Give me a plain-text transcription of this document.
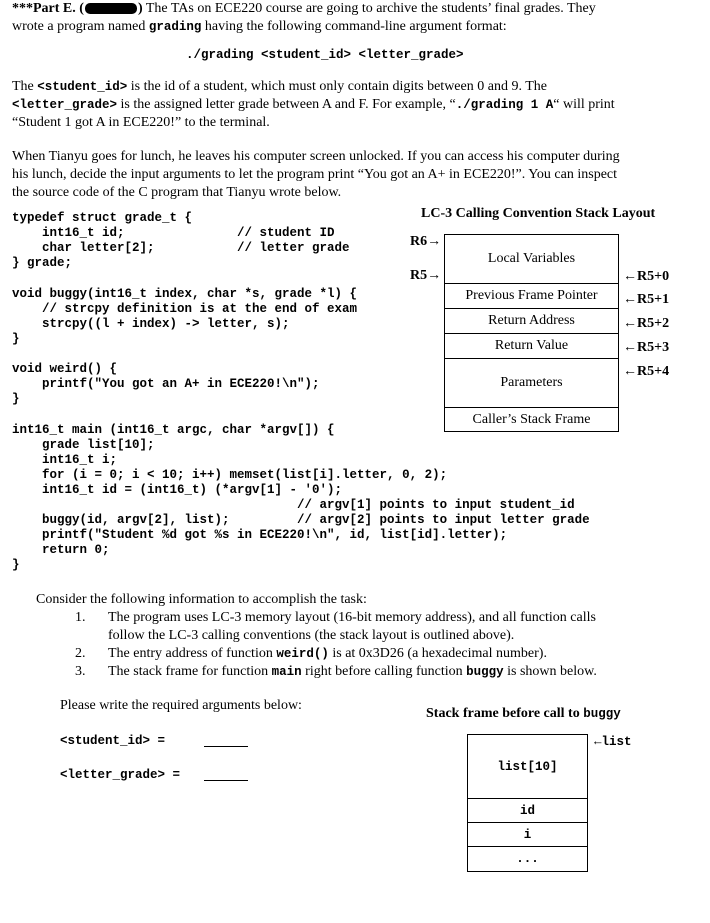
***Part E. (	) The TAs on ECE220 course are going to archive the students’ final grades. They
wrote a program named grading having the following command-line argument format:
./grading <student_id> <letter_grade>
The <student_id> is the id of a student, which must only contain digits between 0 and 9. The
<letter_grade> is the assigned letter grade between A and F. For example, “./grading 1 A“ will print
“Student 1 got A in ECE220!” to the terminal.
When Tianyu goes for lunch, he leaves his computer screen unlocked. If you can access his computer during
his lunch, decide the input arguments to let the program print “You got an A+ in ECE220!”. You can inspect
the source code of the C program that Tianyu wrote below.
typedef struct grade_t {
int16_t id;               // student ID
char letter[2];           // letter grade
} grade;
void buggy(int16_t index, char *s, grade *l) {
// strcpy definition is at the end of exam
strcpy((l + index) -> letter, s);
}
void weird() {
printf("You got an A+ in ECE220!\n");
}
int16_t main (int16_t argc, char *argv[]) {
grade list[10];
int16_t i;
for (i = 0; i < 10; i++) memset(list[i].letter, 0, 2);
int16_t id = (int16_t) (*argv[1] - '0');
// argv[1] points to input student_id
buggy(id, argv[2], list);         // argv[2] points to input letter grade
printf("Student %d got %s in ECE220!\n", id, list[id].letter);
return 0;
}
LC-3 Calling Convention Stack Layout
R6→
R5→
Local Variables
Previous Frame Pointer
Return Address
Return Value
Parameters
Caller’s Stack Frame
←R5+0
←R5+1
←R5+2
←R5+3
←R5+4
Consider the following information to accomplish the task:
1. The program uses LC-3 memory layout (16-bit memory address), and all function calls
follow the LC-3 calling conventions (the stack layout is outlined above).
2. The entry address of function weird() is at 0x3D26 (a hexadecimal number).
3. The stack frame for function main right before calling function buggy is shown below.
Please write the required arguments below:
<student_id> =
<letter_grade> =
Stack frame before call to buggy
←list
list[10]
id
i
...
